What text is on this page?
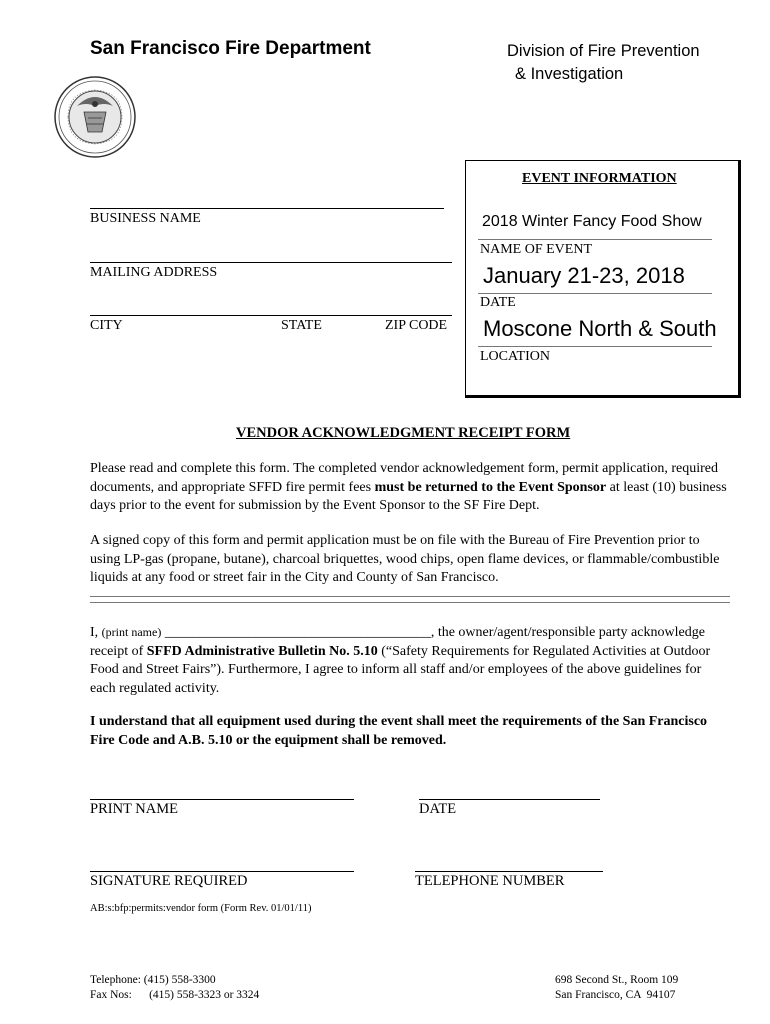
San Francisco Fire Department	Division of Fire Prevention
& Investigation
BUSINESS NAME
MAILING ADDRESS
CITY	STATE	ZIP CODE
EVENT INFORMATION
2018 Winter Fancy Food Show
NAME OF EVENT
January 21-23, 2018
DATE
Moscone North & South
LOCATION
VENDOR ACKNOWLEDGMENT RECEIPT FORM
Please read and complete this form. The completed vendor acknowledgement form, permit application, required documents, and appropriate SFFD fire permit fees must be returned to the Event Sponsor at least (10) business days prior to the event for submission by the Event Sponsor to the SF Fire Dept.
A signed copy of this form and permit application must be on file with the Bureau of Fire Prevention prior to using LP-gas (propane, butane), charcoal briquettes, wood chips, open flame devices, or flammable/combustible liquids at any food or street fair in the City and County of San Francisco.
I, (print name) ______________________________________, the owner/agent/responsible party acknowledge receipt of SFFD Administrative Bulletin No. 5.10 (“Safety Requirements for Regulated Activities at Outdoor Food and Street Fairs”). Furthermore, I agree to inform all staff and/or employees of the above guidelines for each regulated activity.
I understand that all equipment used during the event shall meet the requirements of the San Francisco Fire Code and A.B. 5.10 or the equipment shall be removed.
PRINT NAME	DATE
SIGNATURE REQUIRED	TELEPHONE NUMBER
AB:s:bfp:permits:vendor form (Form Rev. 01/01/11)
Telephone: (415) 558-3300
Fax Nos:      (415) 558-3323 or 3324
698 Second St., Room 109
San Francisco, CA  94107
